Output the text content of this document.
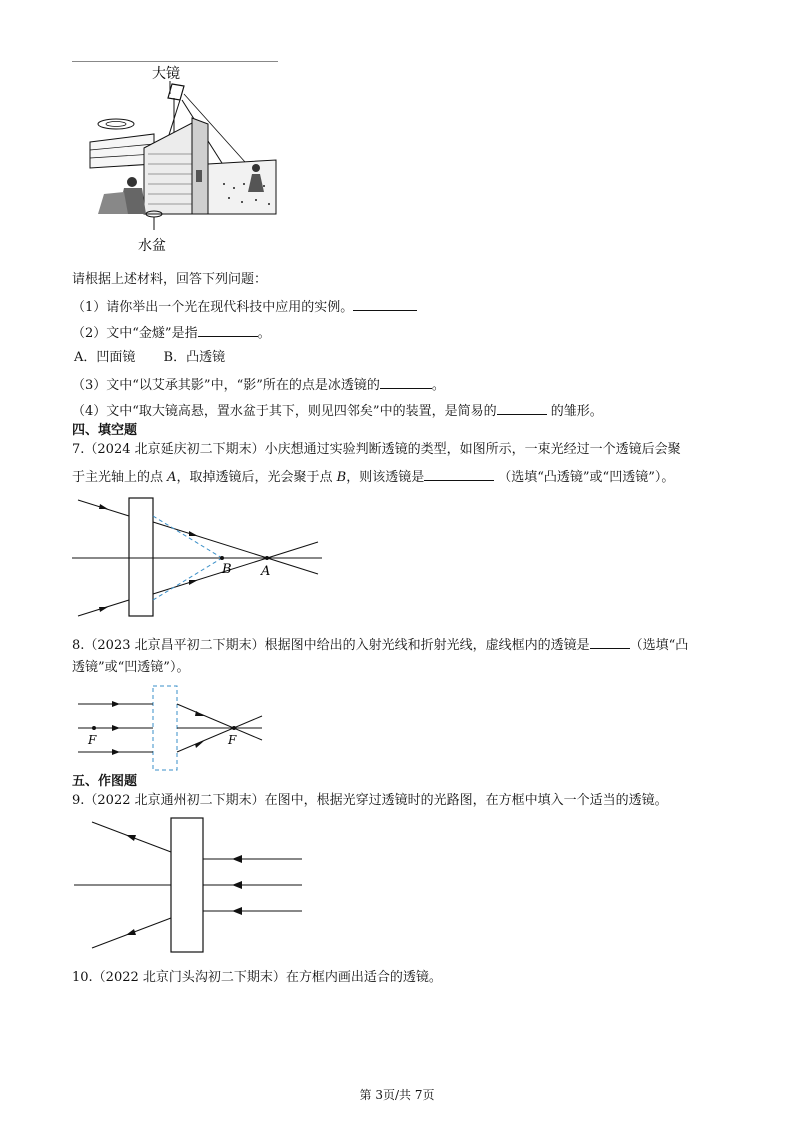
大镜
水盆
请根据上述材料，回答下列问题：
（1）请你举出一个光在现代科技中应用的实例。
（2）文中“金燧”是指	。
A．凹面镜 B．凸透镜
（3）文中“以艾承其影”中，“影”所在的点是冰透镜的	。
（4）文中“取大镜高悬，置水盆于其下，则见四邻矣”中的装置，是简易的	的雏形。
四、填空题
7.（2024 北京延庆初二下期末）小庆想通过实验判断透镜的类型，如图所示，一束光经过一个透镜后会聚
于主光轴上的点 A，取掉透镜后，光会聚于点 B，则该透镜是	（选填“凸透镜”或“凹透镜”）。
B A
8.（2023 北京昌平初二下期末）根据图中给出的入射光线和折射光线，虚线框内的透镜是	（选填“凸
透镜”或“凹透镜”）。
F	F
五、作图题
9.（2022 北京通州初二下期末）在图中，根据光穿过透镜时的光路图，在方框中填入一个适当的透镜。
10.（2022 北京门头沟初二下期末）在方框内画出适合的透镜。
第 3页/共 7页
